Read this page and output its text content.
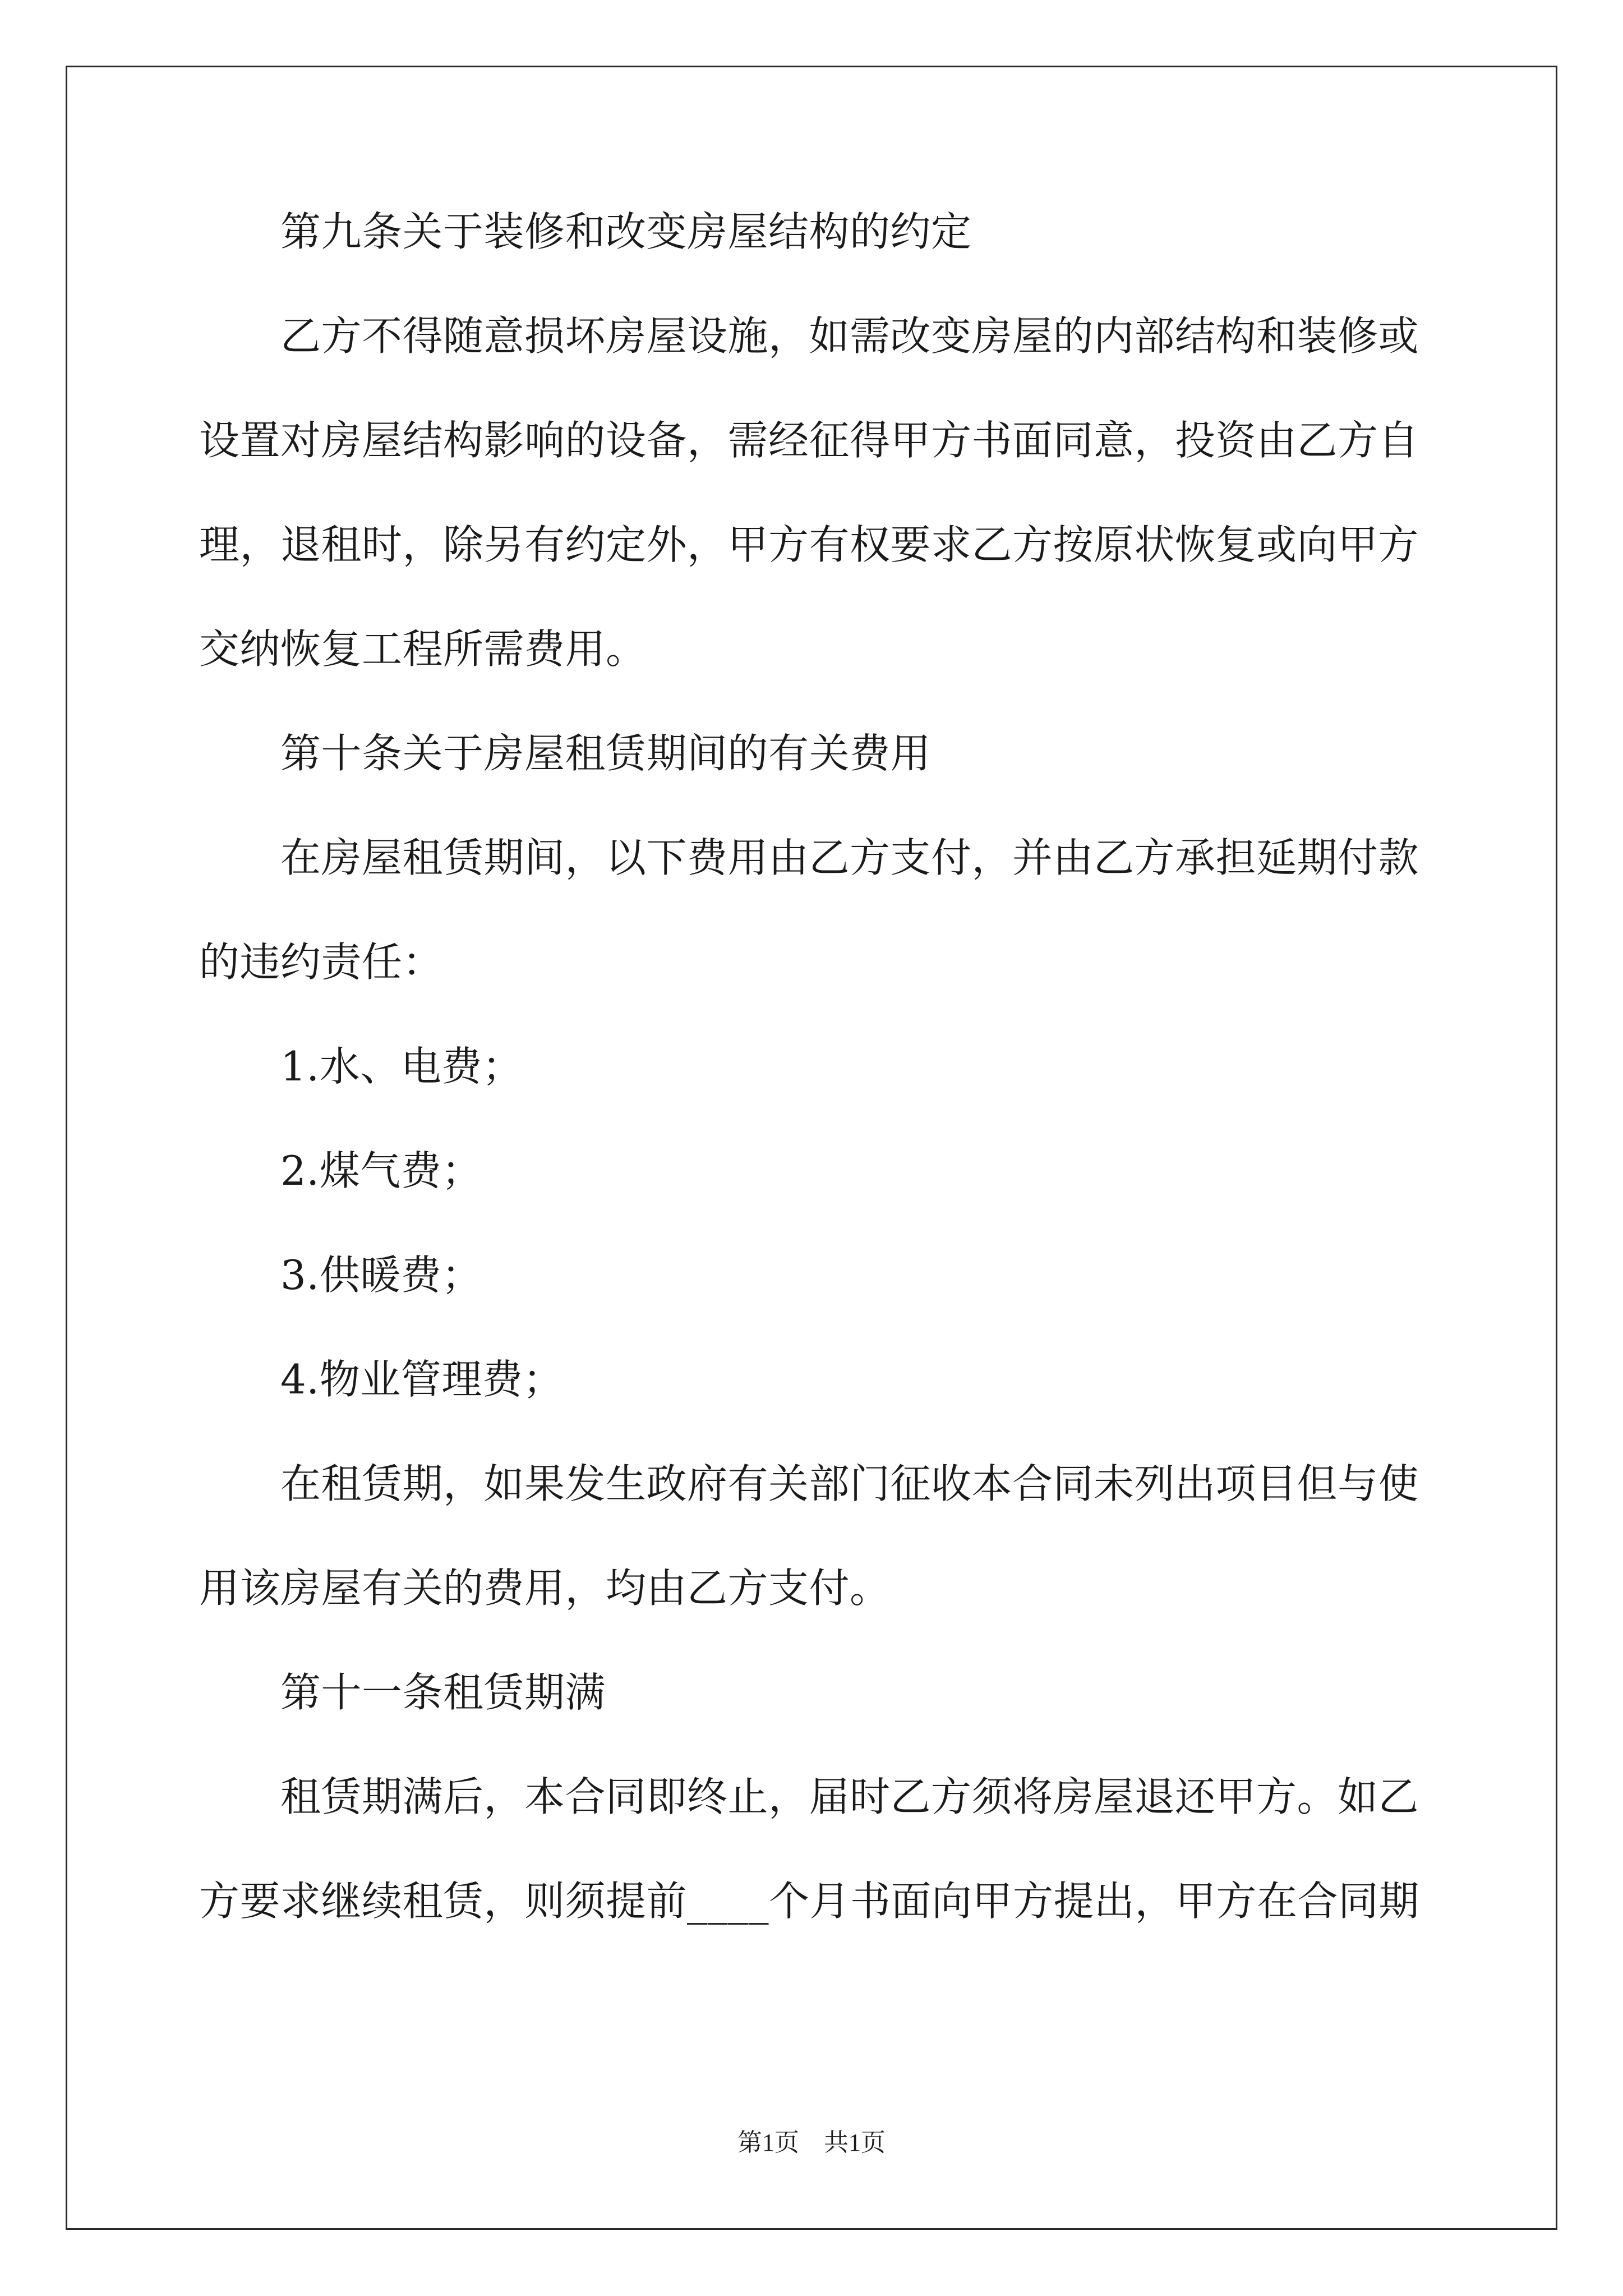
第九条关于装修和改变房屋结构的约定
乙方不得随意损坏房屋设施，如需改变房屋的内部结构和装修或
设置对房屋结构影响的设备，需经征得甲方书面同意，投资由乙方自
理，退租时，除另有约定外，甲方有权要求乙方按原状恢复或向甲方
交纳恢复工程所需费用。
第十条关于房屋租赁期间的有关费用
在房屋租赁期间，以下费用由乙方支付，并由乙方承担延期付款
的违约责任：
1.水、电费；
2.煤气费；
3.供暖费；
4.物业管理费；
在租赁期，如果发生政府有关部门征收本合同未列出项目但与使
用该房屋有关的费用，均由乙方支付。
第十一条租赁期满
租赁期满后，本合同即终止，届时乙方须将房屋退还甲方。如乙
方要求继续租赁，则须提前____个月书面向甲方提出，甲方在合同期
第1页　共1页
